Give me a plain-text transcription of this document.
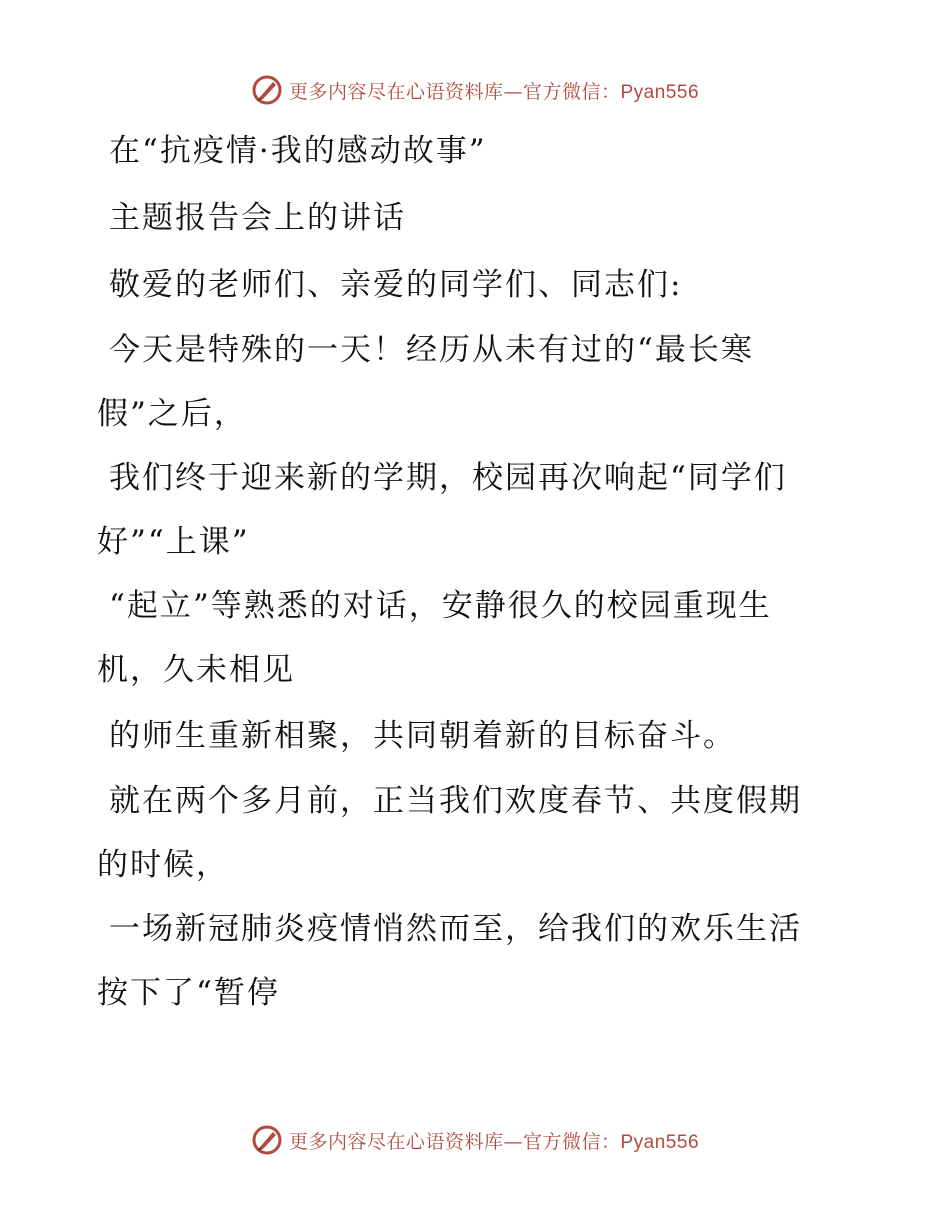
更多内容尽在心语资料库—官方微信：Pyan556

在“抗疫情·我的感动故事”

主题报告会上的讲话

敬爱的老师们、亲爱的同学们、同志们:

今天是特殊的一天！经历从未有过的“最长寒
假”之后，

我们终于迎来新的学期，校园再次响起“同学们
好”“上课”

“起立”等熟悉的对话，安静很久的校园重现生
机，久未相见

的师生重新相聚，共同朝着新的目标奋斗。

就在两个多月前，正当我们欢度春节、共度假期
的时候，

一场新冠肺炎疫情悄然而至，给我们的欢乐生活
按下了“暂停

更多内容尽在心语资料库—官方微信：Pyan556
